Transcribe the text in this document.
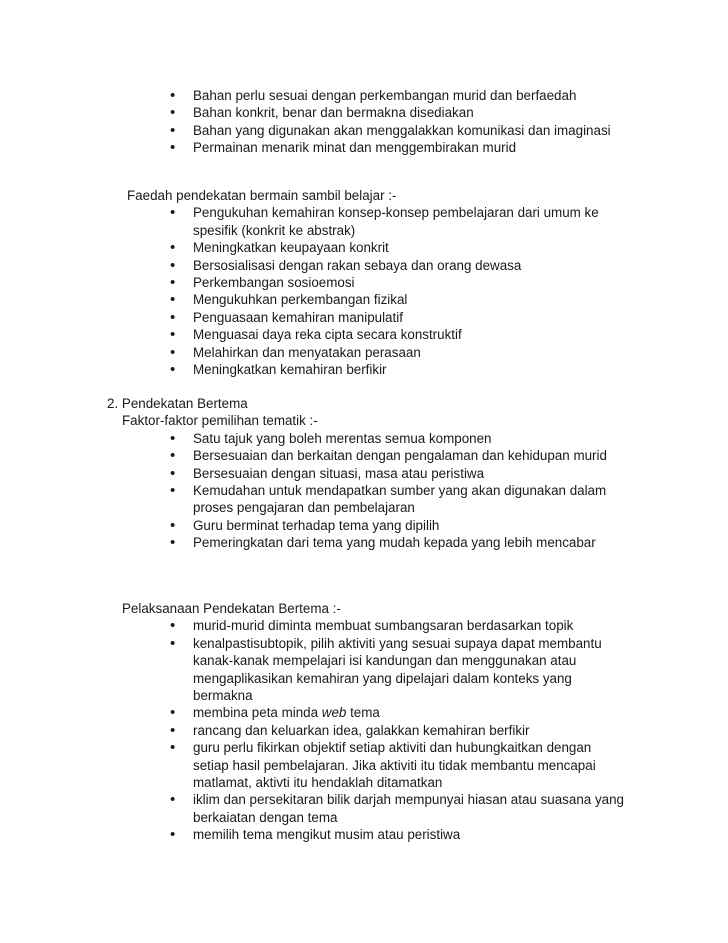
• Bahan perlu sesuai dengan perkembangan murid dan berfaedah
• Bahan konkrit, benar dan bermakna disediakan
• Bahan yang digunakan akan menggalakkan komunikasi dan imaginasi
• Permainan menarik minat dan menggembirakan murid
Faedah pendekatan bermain sambil belajar :-
• Pengukuhan kemahiran konsep-konsep pembelajaran dari umum ke spesifik (konkrit ke abstrak)
• Meningkatkan keupayaan konkrit
• Bersosialisasi dengan rakan sebaya dan orang dewasa
• Perkembangan sosioemosi
• Mengukuhkan perkembangan fizikal
• Penguasaan kemahiran manipulatif
• Menguasai daya reka cipta secara konstruktif
• Melahirkan dan menyatakan perasaan
• Meningkatkan kemahiran berfikir
2. Pendekatan Bertema
Faktor-faktor pemilihan tematik :-
• Satu tajuk yang boleh merentas semua komponen
• Bersesuaian dan berkaitan dengan pengalaman dan kehidupan murid
• Bersesuaian dengan situasi, masa atau peristiwa
• Kemudahan untuk mendapatkan sumber yang akan digunakan dalam proses pengajaran dan pembelajaran
• Guru berminat terhadap tema yang dipilih
• Pemeringkatan dari tema yang mudah kepada yang lebih mencabar
Pelaksanaan Pendekatan Bertema :-
• murid-murid diminta membuat sumbangsaran berdasarkan topik
• kenalpastisubtopik, pilih aktiviti yang sesuai supaya dapat membantu kanak-kanak mempelajari isi kandungan dan menggunakan atau mengaplikasikan kemahiran yang dipelajari dalam konteks yang bermakna
• membina peta minda web tema
• rancang dan keluarkan idea, galakkan kemahiran berfikir
• guru perlu fikirkan objektif setiap aktiviti dan hubungkaitkan dengan setiap hasil pembelajaran. Jika aktiviti itu tidak membantu mencapai matlamat, aktivti itu hendaklah ditamatkan
• iklim dan persekitaran bilik darjah mempunyai hiasan atau suasana yang berkaiatan dengan tema
• memilih tema mengikut musim atau peristiwa
